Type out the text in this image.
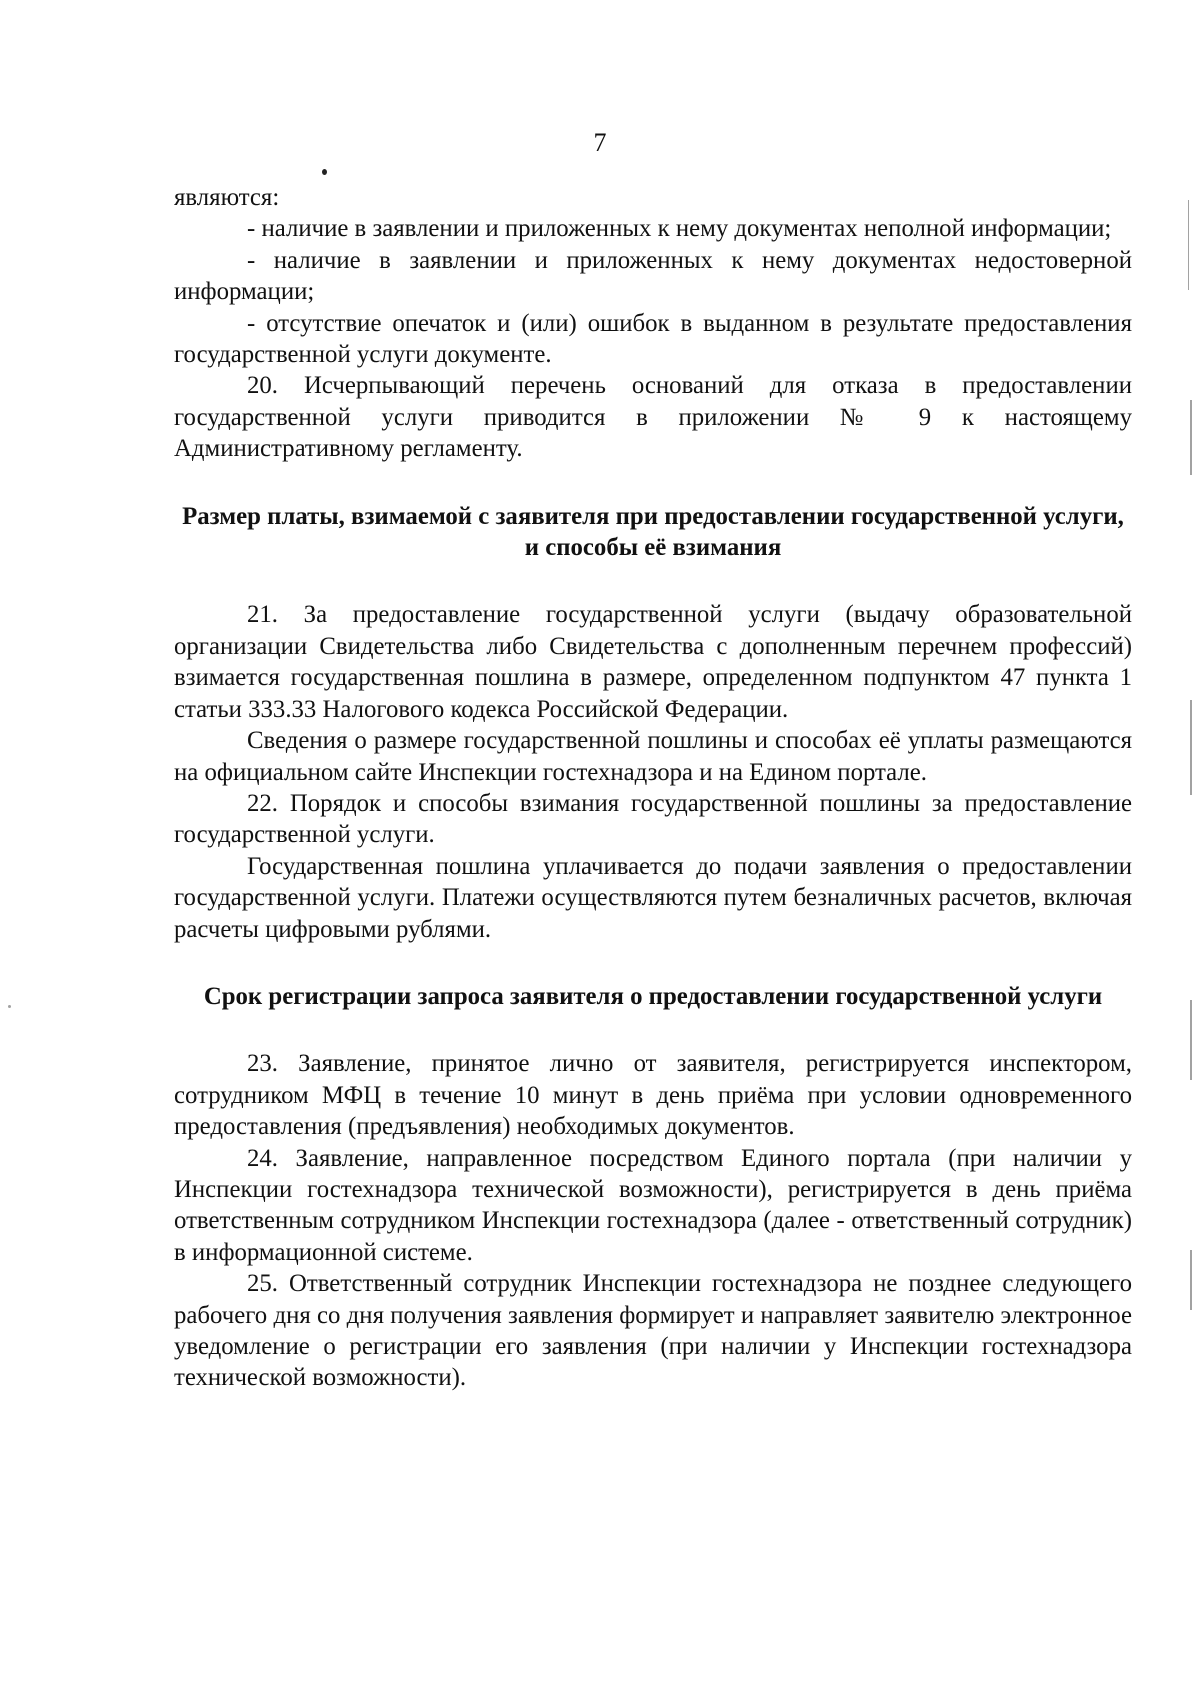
7

являются:

- наличие в заявлении и приложенных к нему документах неполной информации;

- наличие в заявлении и приложенных к нему документах недостоверной информации;

- отсутствие опечаток и (или) ошибок в выданном в результате предоставления государственной услуги документе.

20. Исчерпывающий перечень оснований для отказа в предоставлении государственной услуги приводится в приложении № 9 к настоящему Административному регламенту.

Размер платы, взимаемой с заявителя при предоставлении государственной услуги, и способы её взимания

21. За предоставление государственной услуги (выдачу образовательной организации Свидетельства либо Свидетельства с дополненным перечнем профессий) взимается государственная пошлина в размере, определенном подпунктом 47 пункта 1 статьи 333.33 Налогового кодекса Российской Федерации.

Сведения о размере государственной пошлины и способах её уплаты размещаются на официальном сайте Инспекции гостехнадзора и на Едином портале.

22. Порядок и способы взимания государственной пошлины за предоставление государственной услуги.

Государственная пошлина уплачивается до подачи заявления о предоставлении государственной услуги. Платежи осуществляются путем безналичных расчетов, включая расчеты цифровыми рублями.

Срок регистрации запроса заявителя о предоставлении государственной услуги

23. Заявление, принятое лично от заявителя, регистрируется инспектором, сотрудником МФЦ в течение 10 минут в день приёма при условии одновременного предоставления (предъявления) необходимых документов.

24. Заявление, направленное посредством Единого портала (при наличии у Инспекции гостехнадзора технической возможности), регистрируется в день приёма ответственным сотрудником Инспекции гостехнадзора (далее - ответственный сотрудник) в информационной системе.

25. Ответственный сотрудник Инспекции гостехнадзора не позднее следующего рабочего дня со дня получения заявления формирует и направляет заявителю электронное уведомление о регистрации его заявления (при наличии у Инспекции гостехнадзора технической возможности).
